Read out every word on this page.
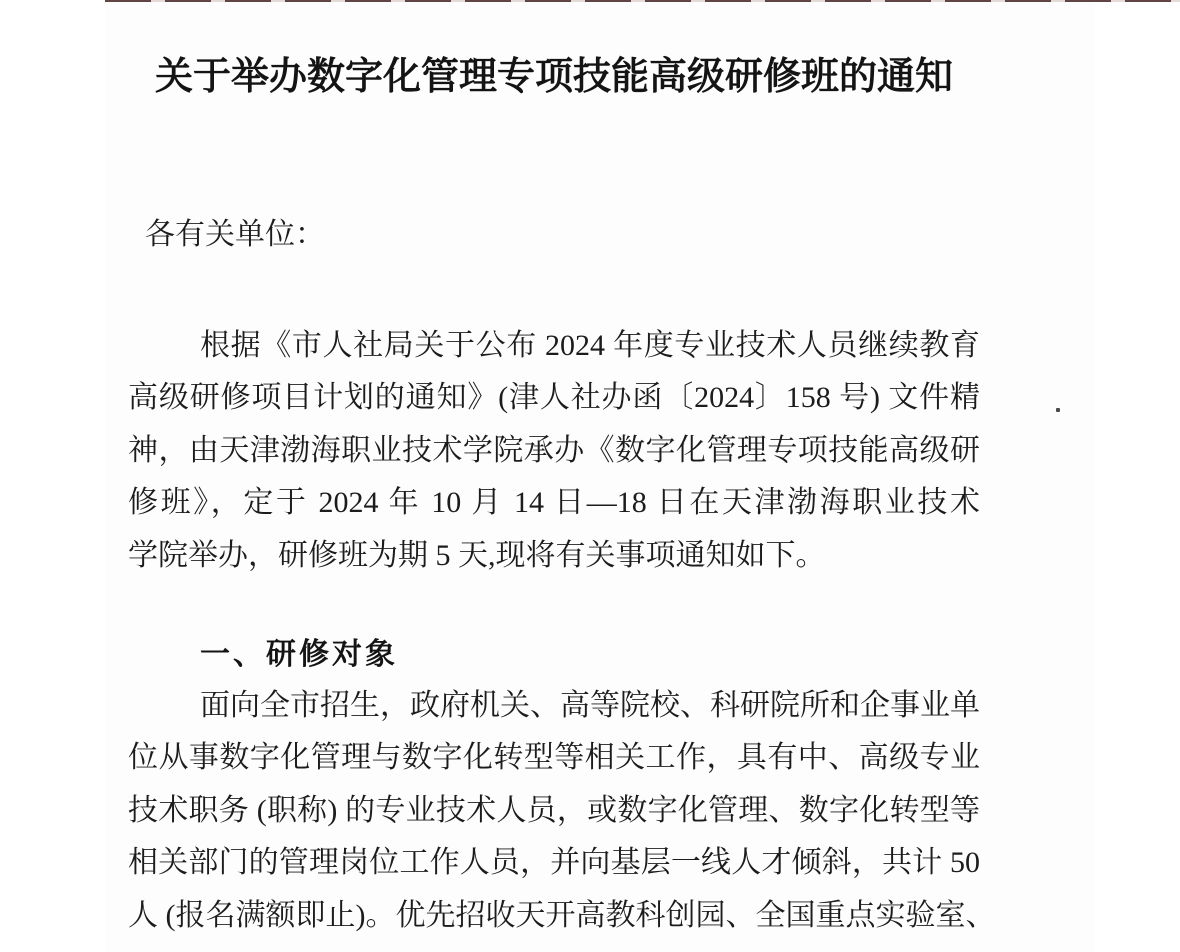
关于举办数字化管理专项技能高级研修班的通知
各有关单位：
根据《市人社局关于公布 2024 年度专业技术人员继续教育
高级研修项目计划的通知》(津人社办函〔2024〕158 号) 文件精
神，由天津渤海职业技术学院承办《数字化管理专项技能高级研
修班》，定于 2024 年 10 月 14 日—18 日在天津渤海职业技术
学院举办，研修班为期 5 天,现将有关事项通知如下。
一、研修对象
面向全市招生，政府机关、高等院校、科研院所和企事业单
位从事数字化管理与数字化转型等相关工作，具有中、高级专业
技术职务 (职称) 的专业技术人员，或数字化管理、数字化转型等
相关部门的管理岗位工作人员，并向基层一线人才倾斜，共计 50
人 (报名满额即止)。优先招收天开高教科创园、全国重点实验室、
